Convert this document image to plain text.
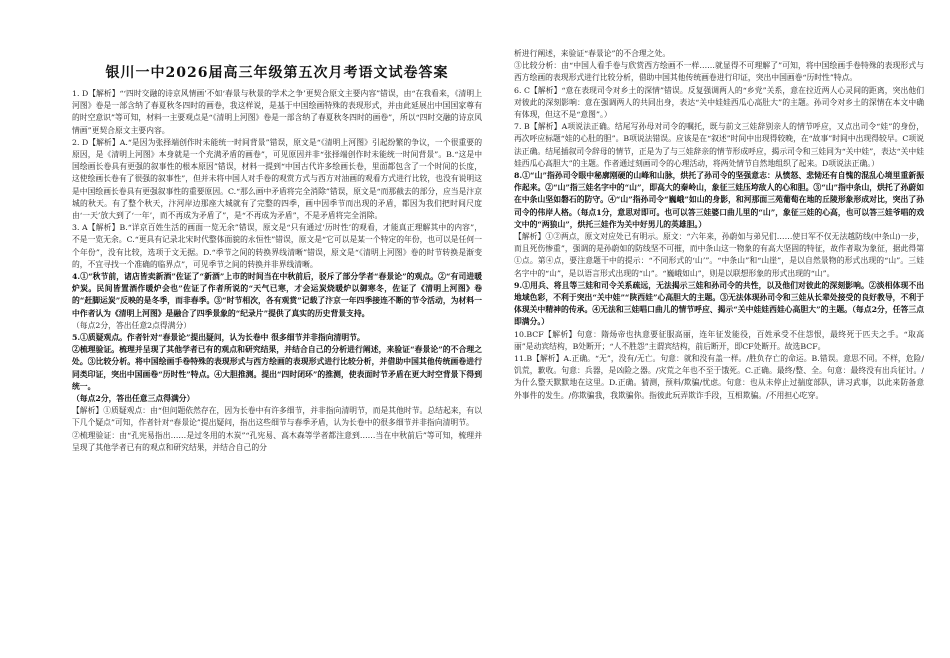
银川一中2026届高三年级第五次月考语文试卷答案

1. D【解析】“‘四时交融的诗京风情画’不如‘春景与秋景的学术之争’更契合原文主要内容”错误，由“在我看来，《清明上河图》卷是一部含纳了春夏秋冬四时的画卷，我这样说，是基于中国绘画特殊的表现形式，并由此延展出中国国家尊有的时空意识”等可知，材料一主要观点是“《清明上河图》卷是一部含纳了春夏秋冬四时的画卷”，所以“四时交融的诗京风情画”更契合原文主要内容。

2. D【解析】A.“是因为张择端创作时未能统一时间背景”错误，原文是“《清明上河图》引起纷繁的争议，一个很重要的原因，是《清明上河图》本身就是一个充满矛盾的画卷”，可见原因并非“张择端创作时未能统一时间背景”。B.“这是中国绘画长卷具有更强的叙事性的根本原因”错误，材料一提到“中国古代许多绘画长卷，里面都包含了一个时间的长度，这使绘画长卷有了很强的叙事性”，但并未将中国人对手卷的观赏方式与西方对油画的观看方式进行比较，也没有说明这是中国绘画长卷具有更强叙事性的重要原因。C.“那么画中矛盾将完全消除”错误，原文是“而那截去的部分，应当是汴京城的秋天。有了整个秋天，汴河岸边那座大城就有了完整的四季，画中因季节而出现的矛盾，都因为我们把时间尺度由‘一天’放大到了‘一年’，而不再成为矛盾了”，是“不再成为矛盾”，不是矛盾将完全消除。

3. A【解析】B.“详京百姓生活的画面一览无余”错误，原文是“只有通过‘历时性’的观看，才能真正理解其中的内容”，不是一览无余。C.“更具有记录北宋时代整体面貌的永恒性”错误，原文是“它可以是某一个特定的年份，也可以是任何一个年份”，没有比较，选项于文无据。D.“季节之间的转换界线清晰”错误，原文是“《清明上河图》卷的时节转换是渐变的，不宜寻找一个准确的临界点”，可见季节之间的转换并非界线清晰。

4.①“秋节前，诸店皆卖新酒”佐证了“新酒”上市的时间当在中秋前后，驳斥了部分学者“春景论”的观点。②“有司进暖炉炭。民间皆置酒作暖炉会也”佐证了作者所说的“天气已寒，才会运炭烧暖炉以御寒冬，佐证了《清明上河图》卷的“赶脚运炭”反映的是冬季，而非春季。③“时节相次，各有观赏”记载了汴京一年四季接连不断的节令活动，为材料一中作者认为《清明上河图》是融合了四季景象的“纪录片”提供了真实的历史背景支持。

（每点2分，答出任意2点得满分）

5.①质疑观点。作者针对“春景论”提出疑问，认为长卷中 很多细节并非指向清明节。

②梳理验证。梳理并呈现了其他学者已有的观点和研究结果，并结合自己的分析进行阐述，来验证“春景论”的不合理之处。③比较分析。将中国绘画手卷特殊的表现形式与西方绘画的表现形式进行比较分析，并借助中国其他传统画卷进行同类印证，突出中国画卷“历时性”特点。④大胆推测。提出“四时闭环”的推测，使表面时节矛盾在更大时空背景下得到统一。

（每点2分，答出任意三点得满分）

【解析】①质疑观点：由“但问题依然存在，因为长卷中有许多细节，并非指向清明节，而是其他时节。总结起来，有以下几个疑点”可知，作者针对“春景论”提出疑问，指出这些细节与春季矛盾，认为长卷中的很多细节并非指向清明节。

②梳理验证：由“孔宪易指出……是过冬用的木炭”“孔宪易、高木森等学者都注意到……当在中秋前后”等可知，梳理并呈现了其他学者已有的观点和研究结果，并结合自己的分

析进行阐述，来验证“春景论”的不合理之处。

③比较分析：由“中国人看手卷与欣赏西方绘画不一样……就显得不可理解了”可知，将中国绘画手卷特殊的表现形式与西方绘画的表现形式进行比较分析，借助中国其他传统画卷进行印证，突出中国画卷“历时性”特点。

6. C【解析】“意在表现司令对乡土的深情”错误。反复强调两人的“乡党”关系，意在拉近两人心灵间的距离，突出他们对彼此的深刻影响：意在强调两人的共同出身，表达“关中娃娃西瓜心高肚大”的主题。孙司令对乡土的深情在本文中确有体现，但这不是“意图”。）

7. B【解析】A项说法正确。结尾写孙母对司令的嘱托，既与前文三娃辞别亲人的情节呼应，又点出司令“娃”的身份，再次呼应标题“娃的心肚的胆”。B项说法错误。应该是在“叙述”时间中出现得较晚，在“故事”时间中出现得较早。C项说法正确。结尾插叙司令辞母的情节，正是为了与三娃辞亲的情节形成呼应，揭示司令和三娃同为“关中娃”，表达“关中娃娃西瓜心高胆大”的主题。作者通过刻画司令的心理活动，将两处情节自然地组织了起来。D项说法正确。）

8.①“山”指孙司令眼中秘廓刚硬的山峰和山脉，烘托了孙司令的坚强意志：从愤怒、悲恸还有自愧的混乱心境里重新振作起来。②“山”指三娃名字中的“山”，即高大的秦岭山，象征三娃压垮敌人的心和胆。③“山”指中条山，烘托了孙蔚如在中条山坚如磐石的防守。④“山”指孙司令“巍峨”如山的身影，和河那面三苑葡萄在地的丘陵形象形成对比，突出了孙司令的伟岸人格。（每点1分，意思对即可。也可以答三娃婆口曲儿里的“山”，象征三娃的心高，也可以答三娃爷唱的戏文中的“两狼山”，烘托三娃作为关中好男儿的英雄胆。）

【解析】①②两点，原文对应处已有明示。原文：“六年来，孙蔚如与弟兄们……使日军不仅无法越防线(中条山)一步，而且死伤惨重”，强调的是孙蔚如的防线坚不可摧，而中条山这一物象的有高大坚固的特征，故作者取为象征，据此得第①点。第④点，要注意题干中的提示：“不同形式的‘山’”。“中条山”和“山崖”，是以自然景物的形式出现的“山”。三娃名字中的“山”，是以语言形式出现的“山”。“巍峨如山”，则是以联想形象的形式出现的“山”。

9.①用兵、将且等三娃和司令关系疏远，无法揭示三娃和孙司令的共性，以及他们对彼此的深刻影响。②淡相体现不出地域色彩，不利于突出“关中娃”“陕西娃”心高胆大的主题。③无法体现孙司令和三娃从长辈处接受的良好教导，不利于体现关中精神的传承。④无法和三娃唱口曲儿的情节呼应、揭示“关中娃娃西娃心高胆大”的主题。（每点2分，任答三点即满分。）

10.BCF【解析】句意：隋炀帝也执意要征服高丽，连年征发能役，百姓承受不住怨恨，最终死于匹夫之手。“取高丽”是动宾结构，B处断开；“人不胜怨”主谓宾结构，前后断开，即CF处断开。故选BCF。

11.B【解析】A.正确。“无”，没有/无亡。句意：就和没有盖一样。/胜负存亡的命运。B.错误。意思不同。不样，危险/饥荒，歉收。句意：兵器，是凶险之器。/灾荒之年也不至于饿死。C.正确。最终/整、全。句意：最终没有出兵征讨。/为什么整天默默地在这里。D.正确。猜测，预料/欺骗/忧虑。句意：也从未停止过揣度部队，讲习武事，以此来防备意外事件的发生。/你欺骗我，我欺骗你。指彼此玩弄欺诈手段，互相欺骗。/不用担心吃穿。
